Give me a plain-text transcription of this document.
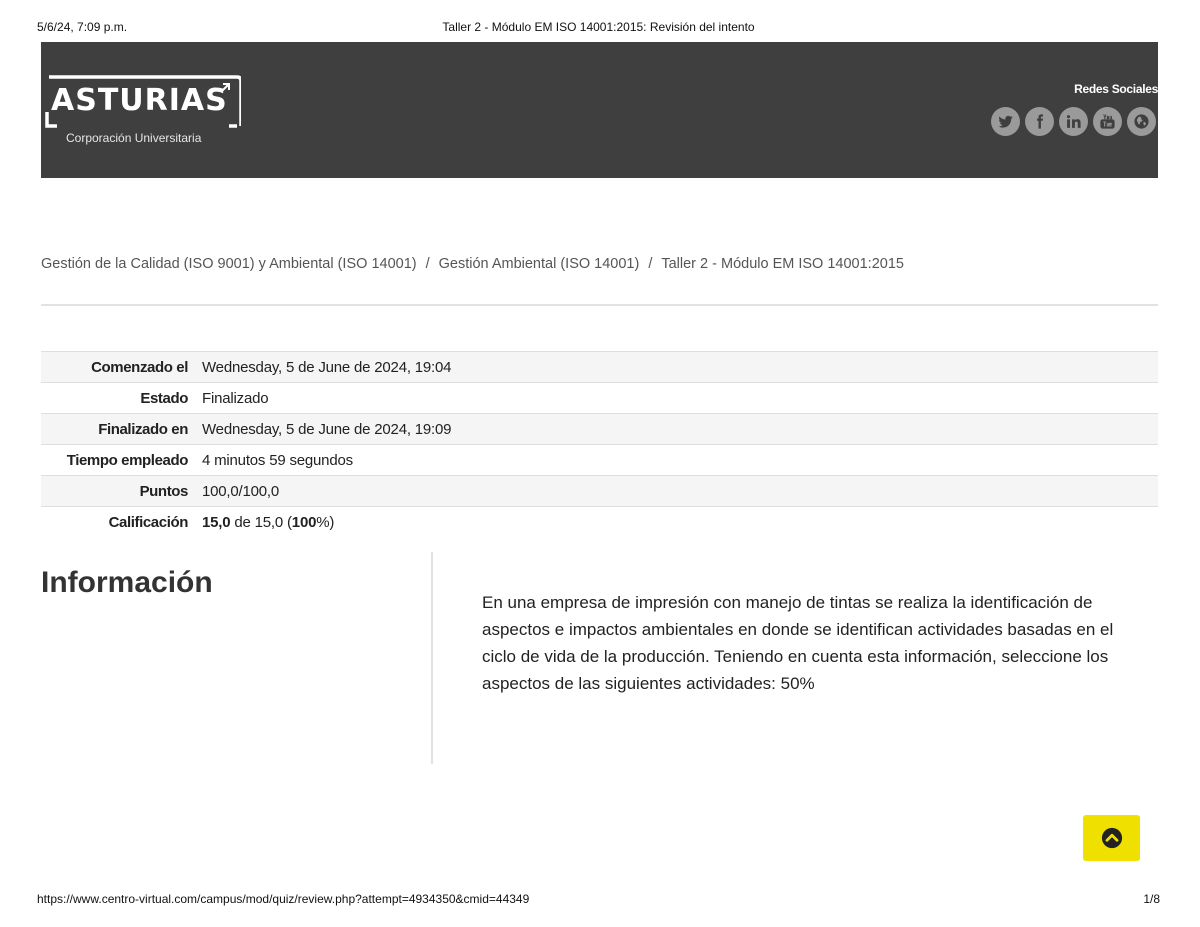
5/6/24, 7:09 p.m.	Taller 2 - Módulo EM ISO 14001:2015: Revisión del intento
ASTURIAS
Corporación Universitaria
Redes Sociales
Gestión de la Calidad (ISO 9001) y Ambiental (ISO 14001) / Gestión Ambiental (ISO 14001) / Taller 2 - Módulo EM ISO 14001:2015
Comenzado el	Wednesday, 5 de June de 2024, 19:04
Estado	Finalizado
Finalizado en	Wednesday, 5 de June de 2024, 19:09
Tiempo empleado	4 minutos 59 segundos
Puntos	100,0/100,0
Calificación	15,0 de 15,0 (100%)
Información

En una empresa de impresión con manejo de tintas se realiza la identificación de aspectos e impactos ambientales en donde se identifican actividades basadas en el ciclo de vida de la producción. Teniendo en cuenta esta información, seleccione los aspectos de las siguientes actividades: 50%

https://www.centro-virtual.com/campus/mod/quiz/review.php?attempt=4934350&cmid=44349	1/8
